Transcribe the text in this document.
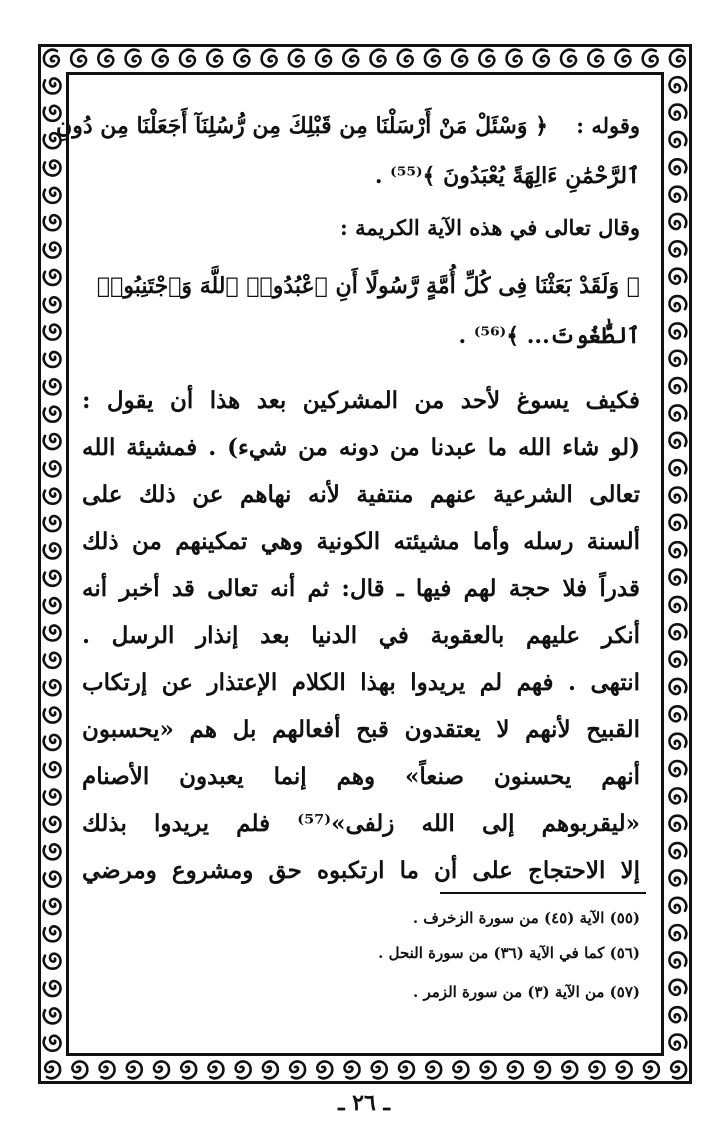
وقوله :
﴿ وَسْئَلْ مَنْ أَرْسَلْنَا مِن قَبْلِكَ مِن رُّسُلِنَآ أَجَعَلْنَا مِن دُونِ
ٱلرَّحْمَٰنِ ءَالِهَةً يُعْبَدُونَ ﴾⁽⁵⁵⁾ .
وقال تعالى في هذه الآية الكريمة :
﴿ وَلَقَدْ بَعَثْنَا فِى كُلِّ أُمَّةٍ رَّسُولًا أَنِ ٱعْبُدُوا۟ ٱللَّهَ وَٱجْتَنِبُوا۟
ٱلطَّٰغُوتَ... ﴾⁽⁵⁶⁾ .
فكيف يسوغ لأحد من المشركين بعد هذا أن يقول :
(لو شاء الله ما عبدنا من دونه من شيء) . فمشيئة الله
تعالى الشرعية عنهم منتفية لأنه نهاهم عن ذلك على
ألسنة رسله وأما مشيئته الكونية وهي تمكينهم من ذلك
قدراً فلا حجة لهم فيها ـ قال: ثم أنه تعالى قد أخبر أنه
أنكر عليهم بالعقوبة في الدنيا بعد إنذار الرسل .
انتهى . فهم لم يريدوا بهذا الكلام الإعتذار عن إرتكاب
القبيح لأنهم لا يعتقدون قبح أفعالهم بل هم «يحسبون
أنهم يحسنون صنعاً» وهم إنما يعبدون الأصنام
«ليقربوهم إلى الله زلفى»⁽⁵⁷⁾ فلم يريدوا بذلك
إلا الاحتجاج على أن ما ارتكبوه حق ومشروع ومرضي
(٥٥) الآية (٤٥) من سورة الزخرف .
(٥٦) كما في الآية (٣٦) من سورة النحل .
(٥٧) من الآية (٣) من سورة الزمر .
ـ ٢٦ ـ
